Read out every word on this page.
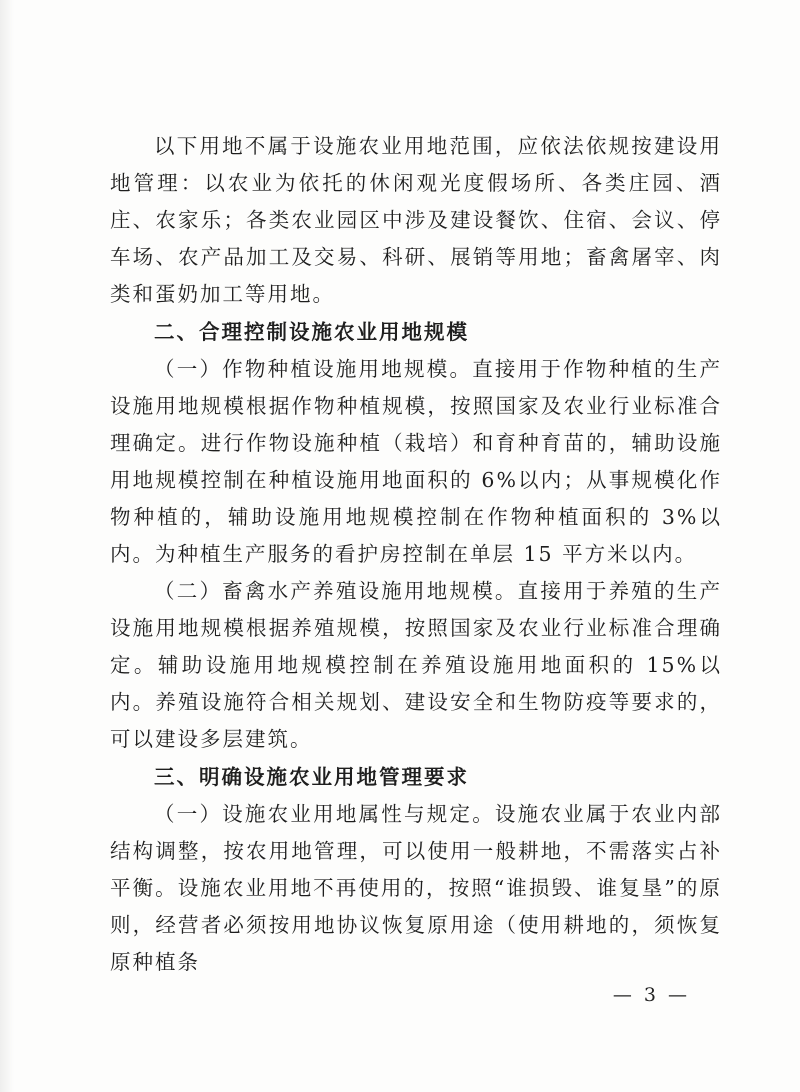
以下用地不属于设施农业用地范围，应依法依规按建设用地管理：以农业为依托的休闲观光度假场所、各类庄园、酒庄、农家乐；各类农业园区中涉及建设餐饮、住宿、会议、停车场、农产品加工及交易、科研、展销等用地；畜禽屠宰、肉类和蛋奶加工等用地。

二、合理控制设施农业用地规模

（一）作物种植设施用地规模。直接用于作物种植的生产设施用地规模根据作物种植规模，按照国家及农业行业标准合理确定。进行作物设施种植（栽培）和育种育苗的，辅助设施用地规模控制在种植设施用地面积的 6%以内；从事规模化作物种植的，辅助设施用地规模控制在作物种植面积的 3%以内。为种植生产服务的看护房控制在单层 15 平方米以内。

（二）畜禽水产养殖设施用地规模。直接用于养殖的生产设施用地规模根据养殖规模，按照国家及农业行业标准合理确定。辅助设施用地规模控制在养殖设施用地面积的 15%以内。养殖设施符合相关规划、建设安全和生物防疫等要求的，可以建设多层建筑。

三、明确设施农业用地管理要求

（一）设施农业用地属性与规定。设施农业属于农业内部结构调整，按农用地管理，可以使用一般耕地，不需落实占补平衡。设施农业用地不再使用的，按照“谁损毁、谁复垦”的原则，经营者必须按用地协议恢复原用途（使用耕地的，须恢复原种植条

— 3 —
